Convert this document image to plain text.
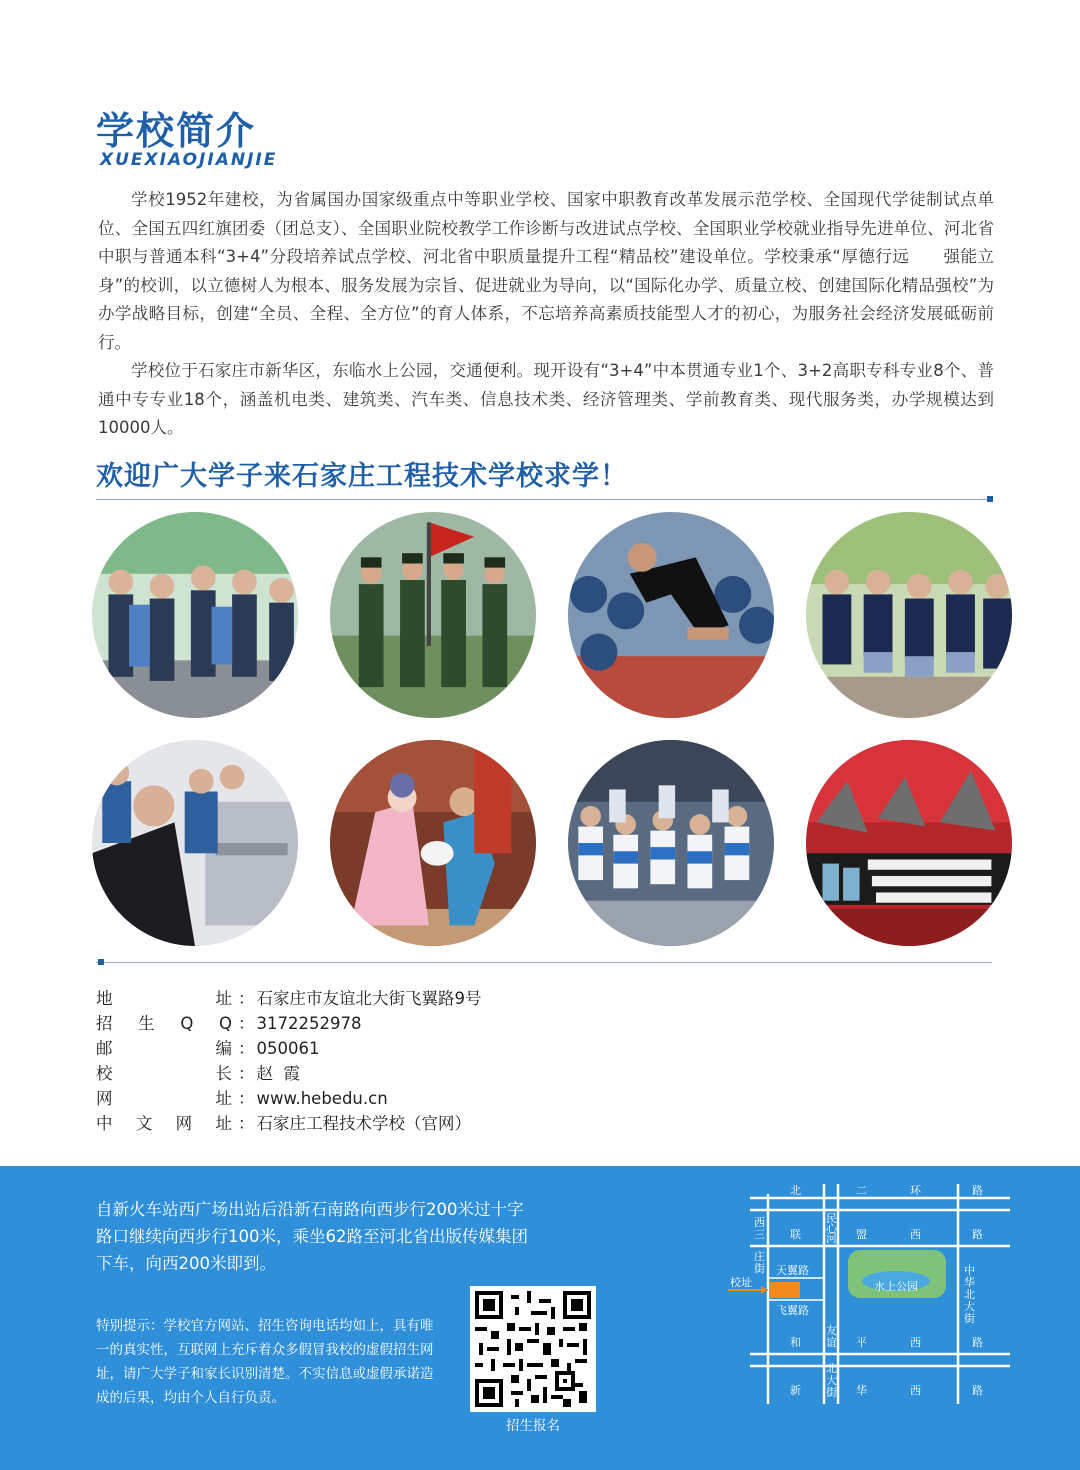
学校简介
XUEXIAOJIANJIE

学校1952年建校，为省属国办国家级重点中等职业学校、国家中职教育改革发展示范学校、全国现代学徒制试点单位、全国五四红旗团委（团总支）、全国职业院校教学工作诊断与改进试点学校、全国职业学校就业指导先进单位、河北省中职与普通本科“3+4”分段培养试点学校、河北省中职质量提升工程“精品校”建设单位。学校秉承“厚德行远　　强能立身”的校训，以立德树人为根本、服务发展为宗旨、促进就业为导向，以“国际化办学、质量立校、创建国际化精品强校”为办学战略目标，创建“全员、全程、全方位”的育人体系，不忘培养高素质技能型人才的初心，为服务社会经济发展砥砺前行。

学校位于石家庄市新华区，东临水上公园，交通便利。现开设有“3+4”中本贯通专业1个、3+2高职专科专业8个、普通中专专业18个，涵盖机电类、建筑类、汽车类、信息技术类、经济管理类、学前教育类、现代服务类，办学规模达到10000人。

欢迎广大学子来石家庄工程技术学校求学！
地	址 ： 石家庄市友谊北大街飞翼路9号
招 生 Q Q ： 3172252978
邮	编 ： 050061
校	长 ： 赵  霞
网	址 ： www.hebedu.cn
中 文 网 址 ： 石家庄工程技术学校（官网）
自新火车站西广场出站后沿新石南路向西步行200米过十字路口继续向西步行100米，乘坐62路至河北省出版传媒集团下车，向西200米即到。
特别提示：学校官方网站、招生咨询电话均如上，具有唯一的真实性，互联网上充斥着众多假冒我校的虚假招生网址，请广大学子和家长识别清楚。不实信息或虚假承诺造成的后果，均由个人自行负责。
招生报名
北	二	环	路
联	盟	西	路
和	平	西	路
新	华	西	路
西
三
庄
街
民
心
河
友
谊
北
大
街
中
华
北
大
街
天翼路
飞翼路
水上公园
校址
